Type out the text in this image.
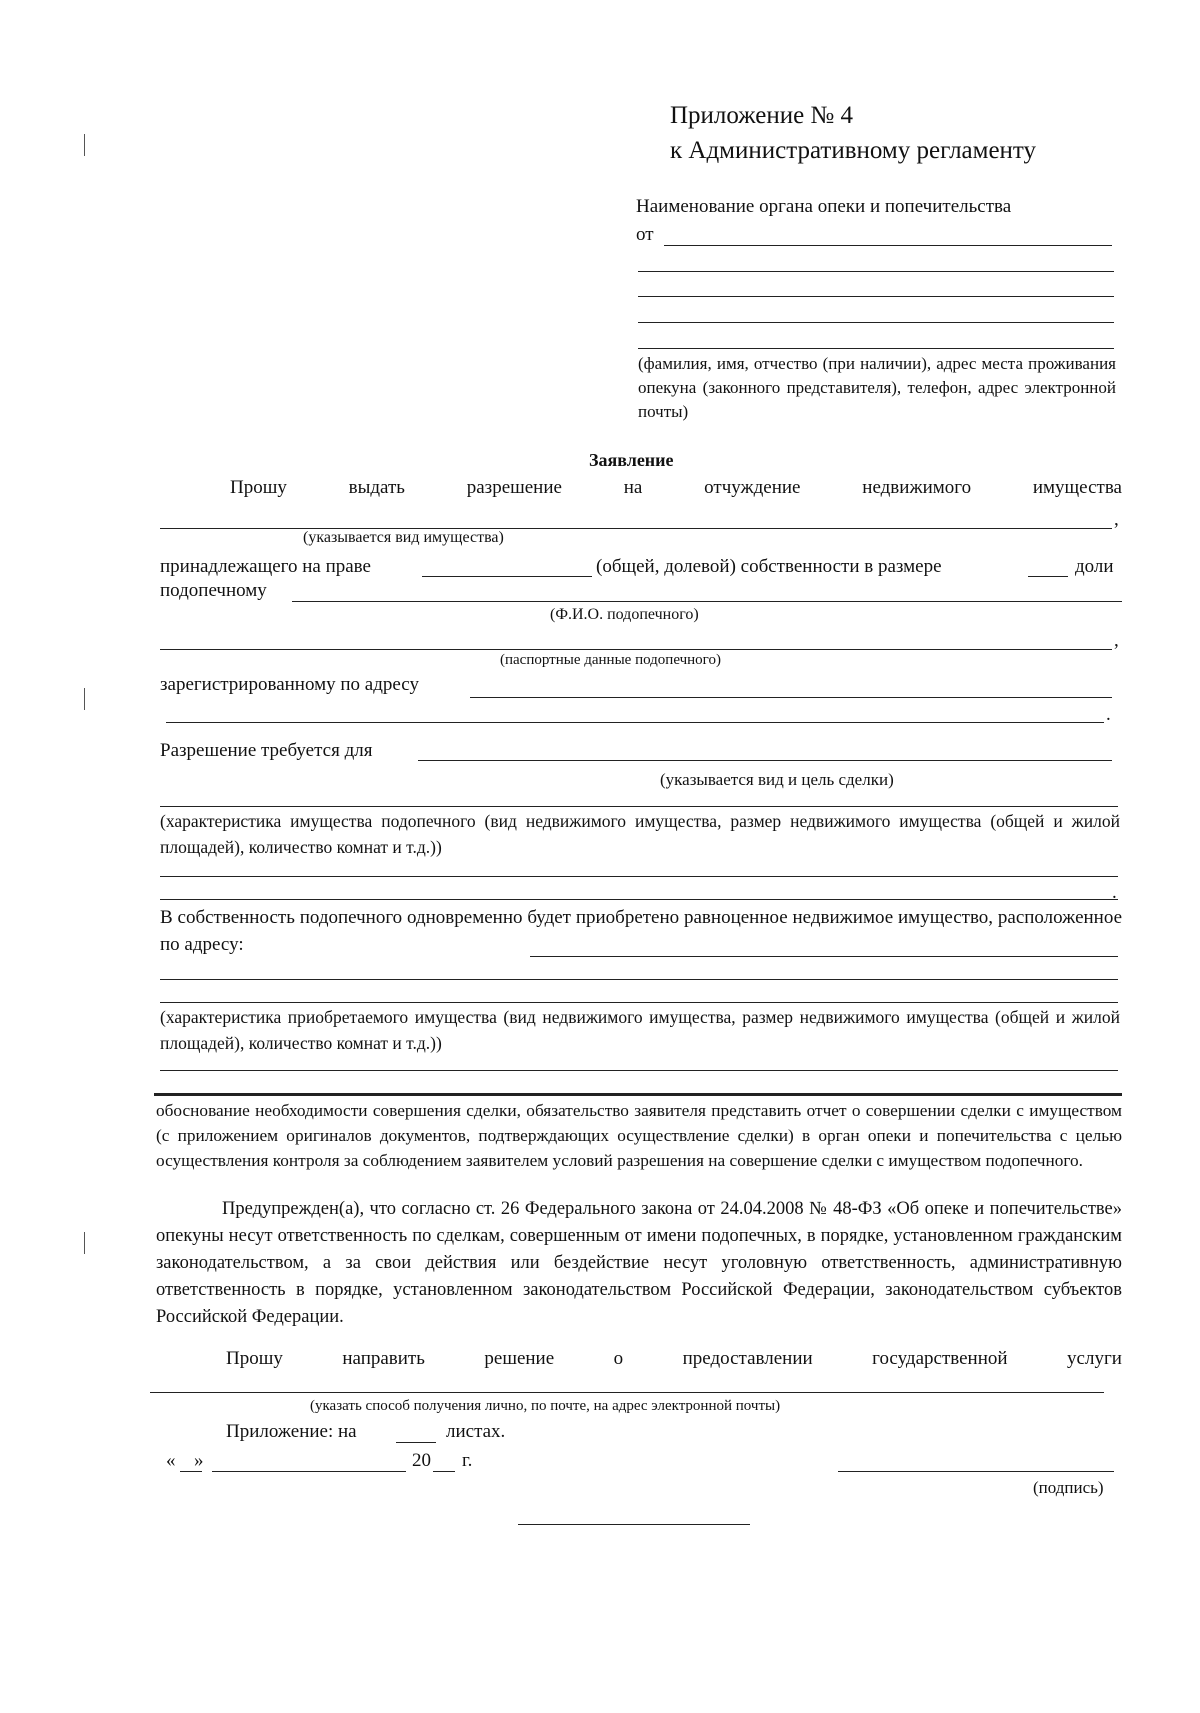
Приложение № 4
к Административному регламенту
Наименование органа опеки и попечительства
от
(фамилия, имя, отчество (при наличии), адрес места проживания опекуна (законного представителя), телефон, адрес электронной почты)
Заявление
Прошу	выдать	разрешение	на	отчуждение	недвижимого	имущества
,
(указывается вид имущества)
принадлежащего на праве	(общей, долевой) собственности в размере	доли
подопечному
(Ф.И.О. подопечного)
,
(паспортные данные подопечного)
зарегистрированному по адресу
.
Разрешение требуется для
(указывается вид и цель сделки)
(характеристика имущества подопечного (вид недвижимого имущества, размер недвижимого имущества (общей и жилой площадей), количество комнат и т.д.))
.
В собственность подопечного одновременно будет приобретено равноценное недвижимое имущество, расположенное по адресу:
(характеристика приобретаемого имущества (вид недвижимого имущества, размер недвижимого имущества (общей и жилой площадей), количество комнат и т.д.))
обоснование необходимости совершения сделки, обязательство заявителя представить отчет о совершении сделки с имуществом (с приложением оригиналов документов, подтверждающих осуществление сделки) в орган опеки и попечительства с целью осуществления контроля за соблюдением заявителем условий разрешения на совершение сделки с имуществом подопечного.
Предупрежден(а), что согласно ст. 26 Федерального закона от 24.04.2008 № 48-ФЗ «Об опеке и попечительстве» опекуны несут ответственность по сделкам, совершенным от имени подопечных, в порядке, установленном гражданским законодательством, а за свои действия или бездействие несут уголовную ответственность, административную ответственность в порядке, установленном законодательством Российской Федерации, законодательством субъектов Российской Федерации.
Прошу	направить	решение	о	предоставлении	государственной	услуги
(указать способ получения лично, по почте, на адрес электронной почты)
Приложение: на	листах.
« »	20 г.
(подпись)
